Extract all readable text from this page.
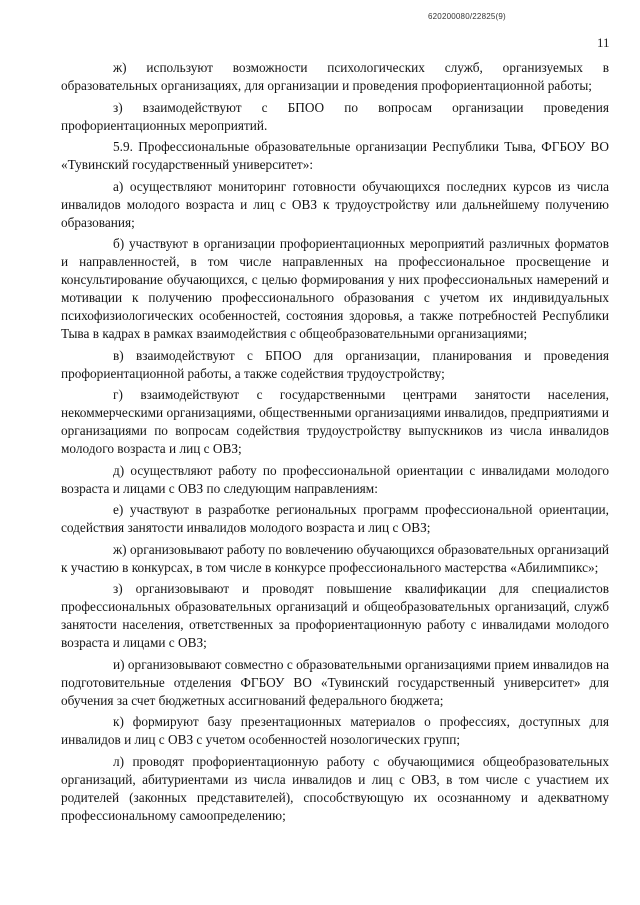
620200080/22825(9)
11

ж) используют возможности психологических служб, организуемых в образовательных организациях, для организации и проведения профориентационной работы;

з) взаимодействуют с БПОО по вопросам организации проведения профориентационных мероприятий.

5.9. Профессиональные образовательные организации Республики Тыва, ФГБОУ ВО «Тувинский государственный университет»:

а) осуществляют мониторинг готовности обучающихся последних курсов из числа инвалидов молодого возраста и лиц с ОВЗ к трудоустройству или дальнейшему получению образования;

б) участвуют в организации профориентационных мероприятий различных форматов и направленностей, в том числе направленных на профессиональное просвещение и консультирование обучающихся, с целью формирования у них профессиональных намерений и мотивации к получению профессионального образования с учетом их индивидуальных психофизиологических особенностей, состояния здоровья, а также потребностей Республики Тыва в кадрах в рамках взаимодействия с общеобразовательными организациями;

в) взаимодействуют с БПОО для организации, планирования и проведения профориентационной работы, а также содействия трудоустройству;

г) взаимодействуют с государственными центрами занятости населения, некоммерческими организациями, общественными организациями инвалидов, предприятиями и организациями по вопросам содействия трудоустройству выпускников из числа инвалидов молодого возраста и лиц с ОВЗ;

д) осуществляют работу по профессиональной ориентации с инвалидами молодого возраста и лицами с ОВЗ по следующим направлениям:

е) участвуют в разработке региональных программ профессиональной ориентации, содействия занятости инвалидов молодого возраста и лиц с ОВЗ;

ж) организовывают работу по вовлечению обучающихся образовательных организаций к участию в конкурсах, в том числе в конкурсе профессионального мастерства «Абилимпикс»;

з) организовывают и проводят повышение квалификации для специалистов профессиональных образовательных организаций и общеобразовательных организаций, служб занятости населения, ответственных за профориентационную работу с инвалидами молодого возраста и лицами с ОВЗ;

и) организовывают совместно с образовательными организациями прием инвалидов на подготовительные отделения ФГБОУ ВО «Тувинский государственный университет» для обучения за счет бюджетных ассигнований федерального бюджета;

к) формируют базу презентационных материалов о профессиях, доступных для инвалидов и лиц с ОВЗ с учетом особенностей нозологических групп;

л) проводят профориентационную работу с обучающимися общеобразовательных организаций, абитуриентами из числа инвалидов и лиц с ОВЗ, в том числе с участием их родителей (законных представителей), способствующую их осознанному и адекватному профессиональному самоопределению;
